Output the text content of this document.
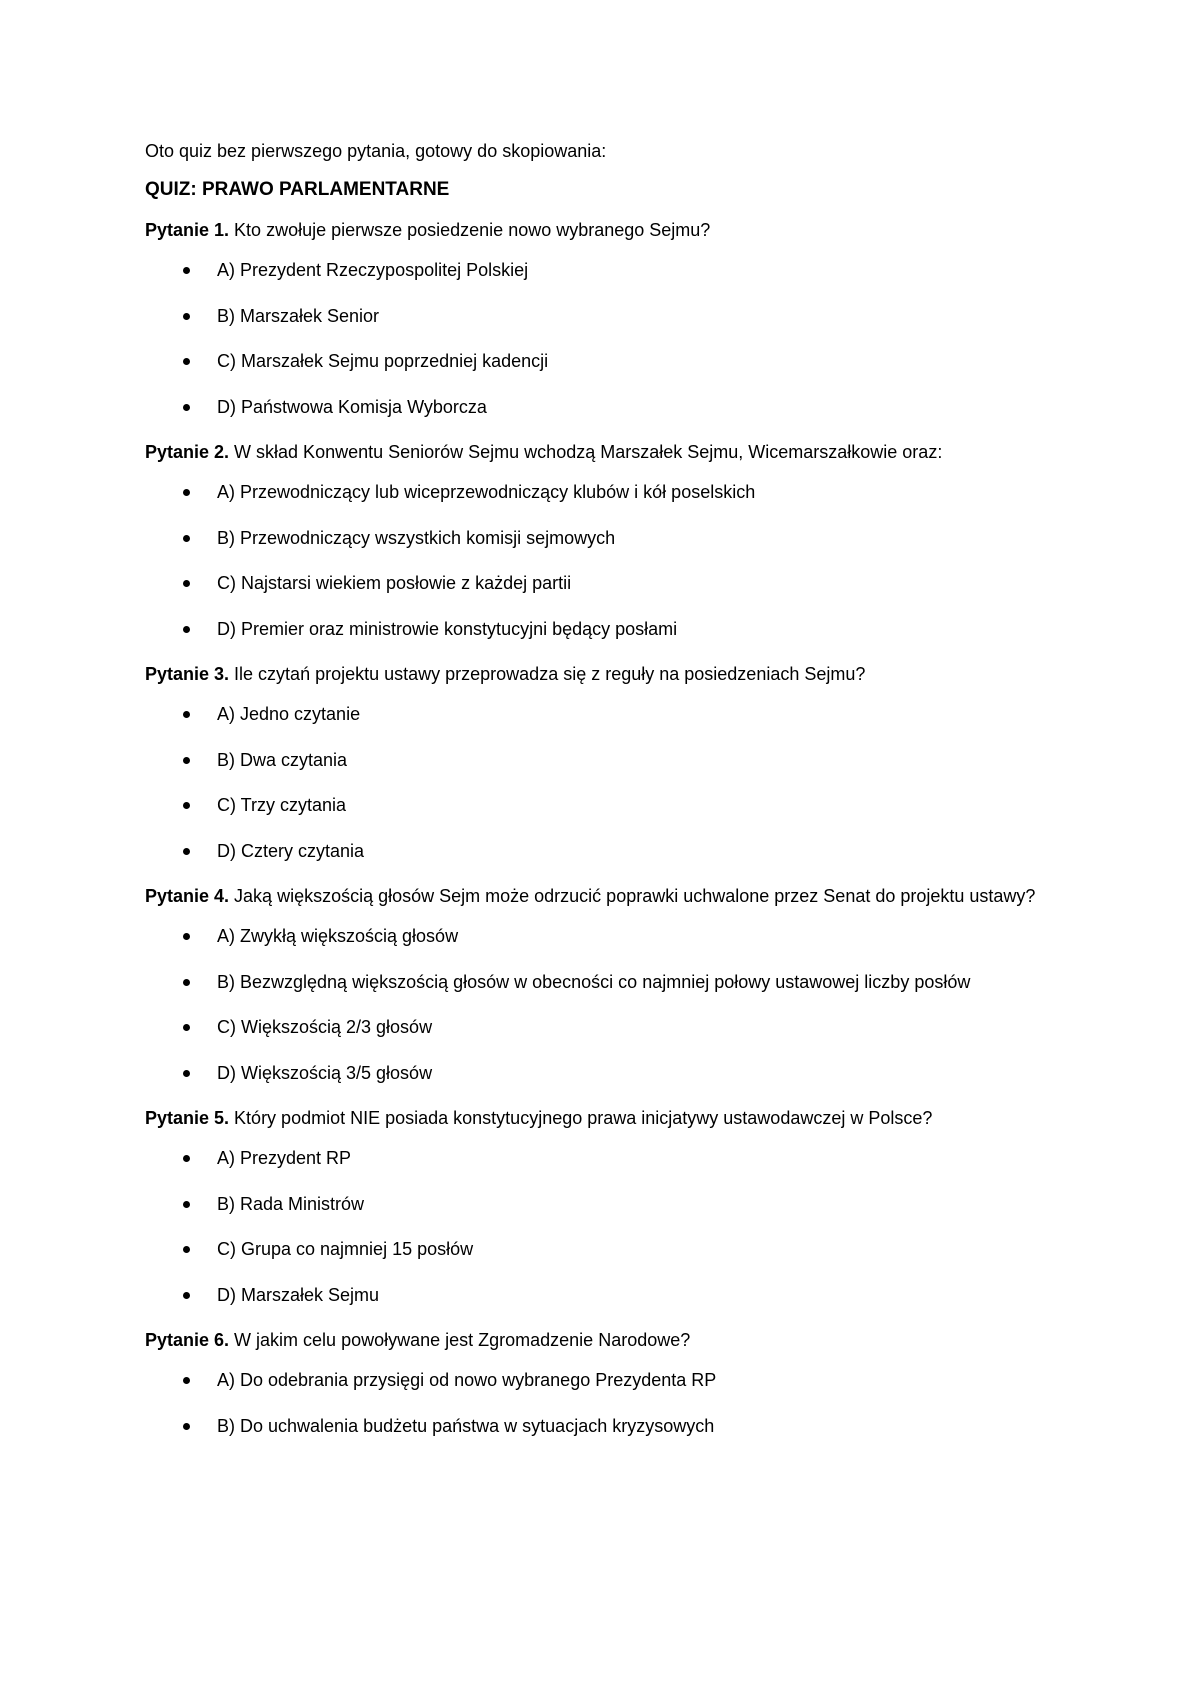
Oto quiz bez pierwszego pytania, gotowy do skopiowania:

QUIZ: PRAWO PARLAMENTARNE

Pytanie 1. Kto zwołuje pierwsze posiedzenie nowo wybranego Sejmu?

A) Prezydent Rzeczypospolitej Polskiej
B) Marszałek Senior
C) Marszałek Sejmu poprzedniej kadencji
D) Państwowa Komisja Wyborcza

Pytanie 2. W skład Konwentu Seniorów Sejmu wchodzą Marszałek Sejmu, Wicemarszałkowie oraz:

A) Przewodniczący lub wiceprzewodniczący klubów i kół poselskich
B) Przewodniczący wszystkich komisji sejmowych
C) Najstarsi wiekiem posłowie z każdej partii
D) Premier oraz ministrowie konstytucyjni będący posłami

Pytanie 3. Ile czytań projektu ustawy przeprowadza się z reguły na posiedzeniach Sejmu?

A) Jedno czytanie
B) Dwa czytania
C) Trzy czytania
D) Cztery czytania

Pytanie 4. Jaką większością głosów Sejm może odrzucić poprawki uchwalone przez Senat do projektu ustawy?

A) Zwykłą większością głosów
B) Bezwzględną większością głosów w obecności co najmniej połowy ustawowej liczby posłów
C) Większością 2/3 głosów
D) Większością 3/5 głosów

Pytanie 5. Który podmiot NIE posiada konstytucyjnego prawa inicjatywy ustawodawczej w Polsce?

A) Prezydent RP
B) Rada Ministrów
C) Grupa co najmniej 15 posłów
D) Marszałek Sejmu

Pytanie 6. W jakim celu powoływane jest Zgromadzenie Narodowe?

A) Do odebrania przysięgi od nowo wybranego Prezydenta RP
B) Do uchwalenia budżetu państwa w sytuacjach kryzysowych
